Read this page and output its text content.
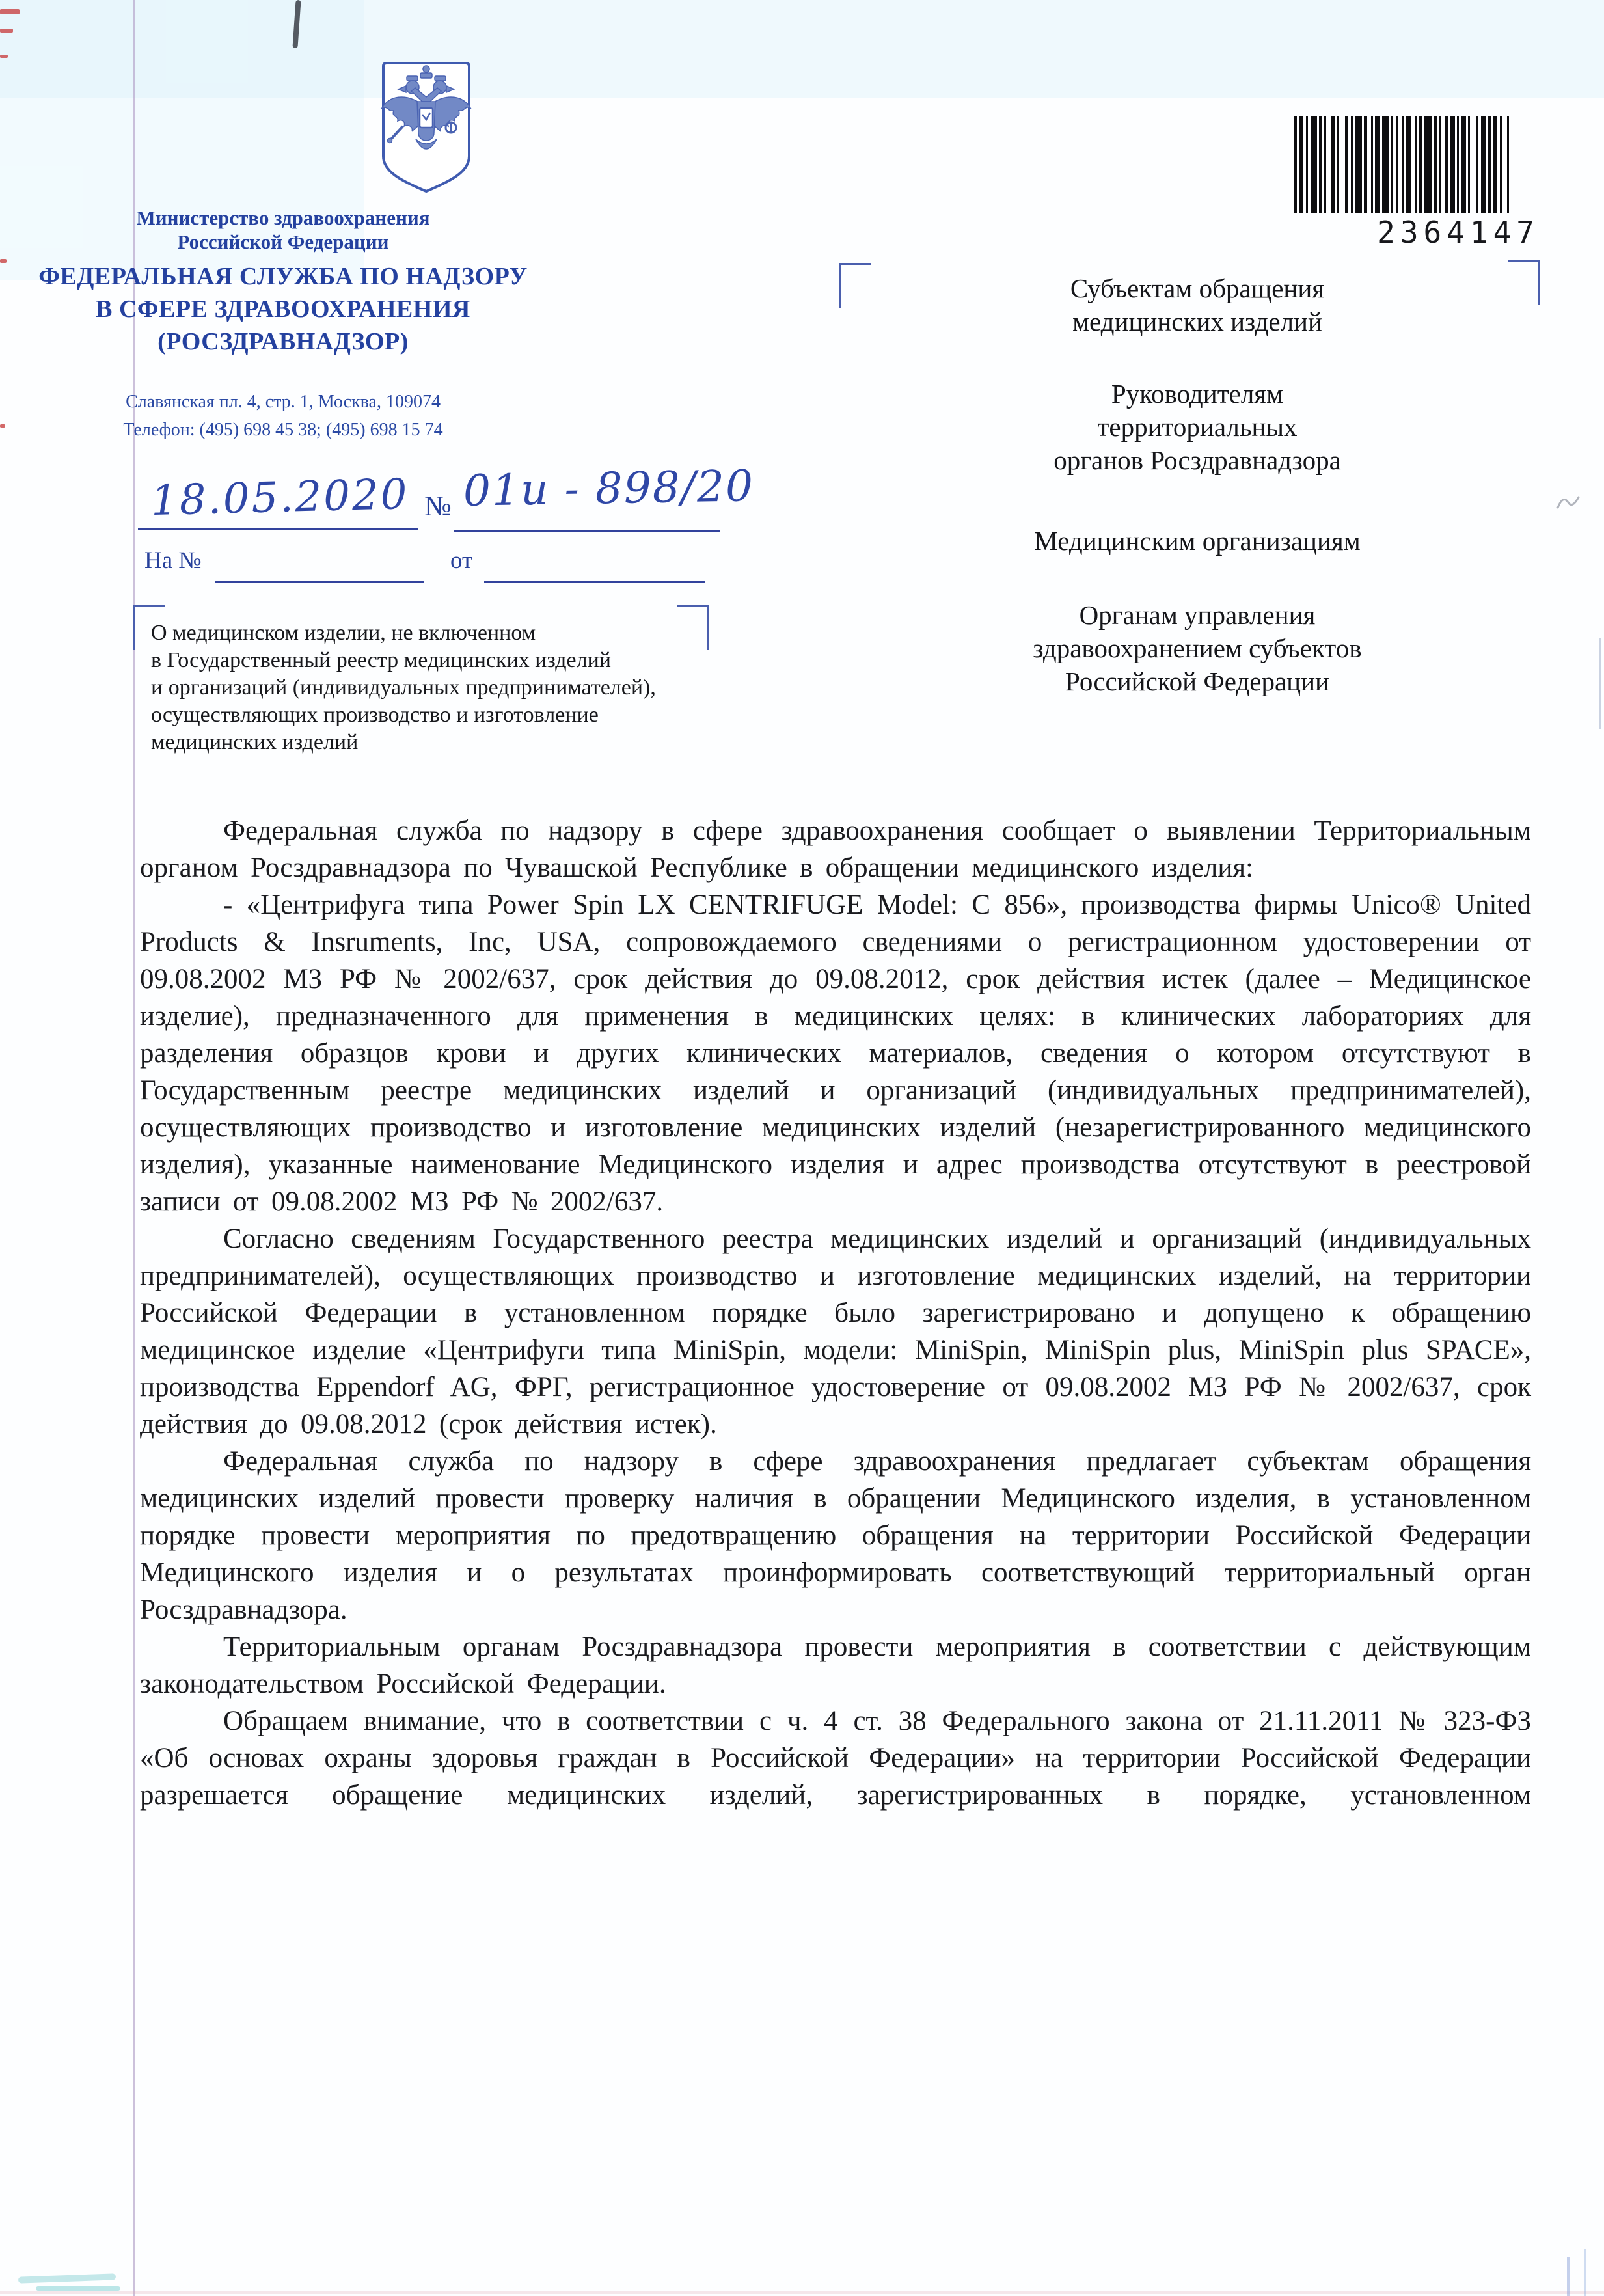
Министерство здравоохранения
Российской Федерации
ФЕДЕРАЛЬНАЯ СЛУЖБА ПО НАДЗОРУ
В СФЕРЕ ЗДРАВООХРАНЕНИЯ
(РОСЗДРАВНАДЗОР)
Славянская пл. 4, стр. 1, Москва, 109074
Телефон: (495) 698 45 38; (495) 698 15 74
2364147
18.05.2020 № 01и - 898/20
На №	от
О медицинском изделии, не включенном
в Государственный реестр медицинских изделий
и организаций (индивидуальных предпринимателей),
осуществляющих производство и изготовление
медицинских изделий
Субъектам обращения
медицинских изделий
Руководителям
территориальных
органов Росздравнадзора
Медицинским организациям
Органам управления
здравоохранением субъектов
Российской Федерации

Федеральная служба по надзору в сфере здравоохранения сообщает о выявлении Территориальным органом Росздравнадзора по Чувашской Республике в обращении медицинского изделия:

- «Центрифуга типа Power Spin LX CENTRIFUGE Model: C 856», производства фирмы Unico® United Products & Insruments, Inc, USA, сопровождаемого сведениями о регистрационном удостоверении от 09.08.2002 МЗ РФ № 2002/637, срок действия до 09.08.2012, срок действия истек (далее – Медицинское изделие), предназначенного для применения в медицинских целях: в клинических лабораториях для разделения образцов крови и других клинических материалов, сведения о котором отсутствуют в Государственным реестре медицинских изделий и организаций (индивидуальных предпринимателей), осуществляющих производство и изготовление медицинских изделий (незарегистрированного медицинского изделия), указанные наименование Медицинского изделия и адрес производства отсутствуют в реестровой записи от 09.08.2002 МЗ РФ № 2002/637.

Согласно сведениям Государственного реестра медицинских изделий и организаций (индивидуальных предпринимателей), осуществляющих производство и изготовление медицинских изделий, на территории Российской Федерации в установленном порядке было зарегистрировано и допущено к обращению медицинское изделие «Центрифуги типа MiniSpin, модели: MiniSpin, MiniSpin plus, MiniSpin plus SPACE», производства Eppendorf AG, ФРГ, регистрационное удостоверение от 09.08.2002 МЗ РФ № 2002/637, срок действия до 09.08.2012 (срок действия истек).

Федеральная служба по надзору в сфере здравоохранения предлагает субъектам обращения медицинских изделий провести проверку наличия в обращении Медицинского изделия, в установленном порядке провести мероприятия по предотвращению обращения на территории Российской Федерации Медицинского изделия и о результатах проинформировать соответствующий территориальный орган Росздравнадзора.

Территориальным органам Росздравнадзора провести мероприятия в соответствии с действующим законодательством Российской Федерации.

Обращаем внимание, что в соответствии с ч. 4 ст. 38 Федерального закона от 21.11.2011 № 323-ФЗ «Об основах охраны здоровья граждан в Российской Федерации» на территории Российской Федерации разрешается обращение медицинских изделий, зарегистрированных в порядке, установленном
